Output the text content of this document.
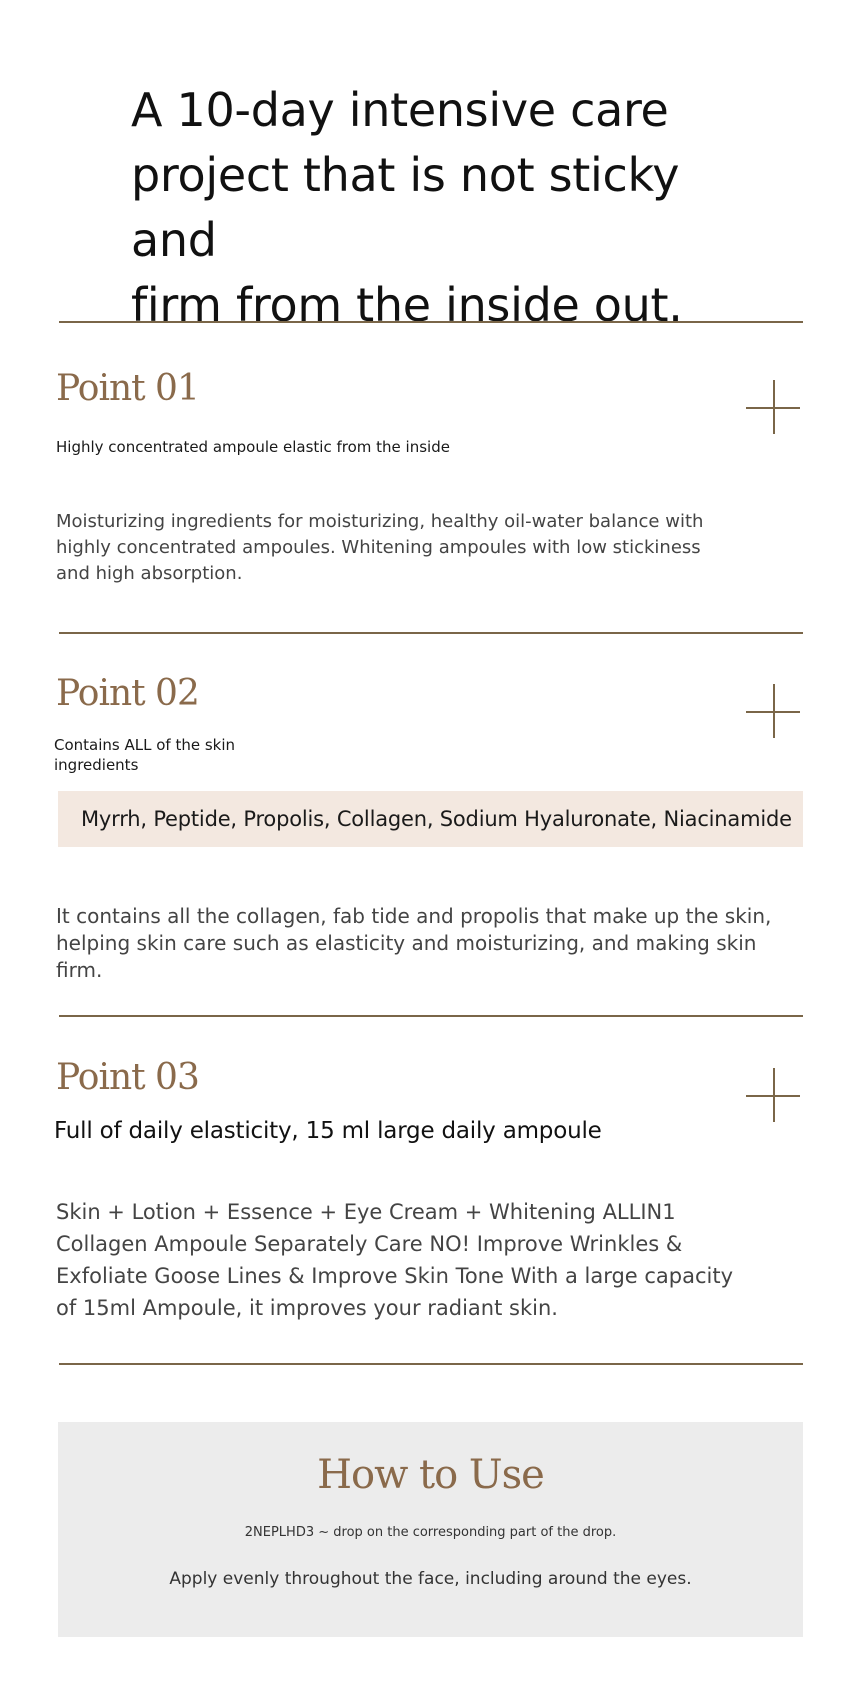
A 10-day intensive care
project that is not sticky and
firm from the inside out.
Point 01
Highly concentrated ampoule elastic from the inside
Moisturizing ingredients for moisturizing, healthy oil-water balance with highly concentrated ampoules. Whitening ampoules with low stickiness and high absorption.
Point 02
Contains ALL of the skin
ingredients
Myrrh, Peptide, Propolis, Collagen, Sodium Hyaluronate, Niacinamide
It contains all the collagen, fab tide and propolis that make up the skin, helping skin care such as elasticity and moisturizing, and making skin firm.
Point 03
Full of daily elasticity, 15 ml large daily ampoule
Skin + Lotion + Essence + Eye Cream + Whitening ALLIN1 Collagen Ampoule Separately Care NO! Improve Wrinkles & Exfoliate Goose Lines & Improve Skin Tone With a large capacity of 15ml Ampoule, it improves your radiant skin.
How to Use
2NEPLHD3 ~ drop on the corresponding part of the drop.
Apply evenly throughout the face, including around the eyes.
